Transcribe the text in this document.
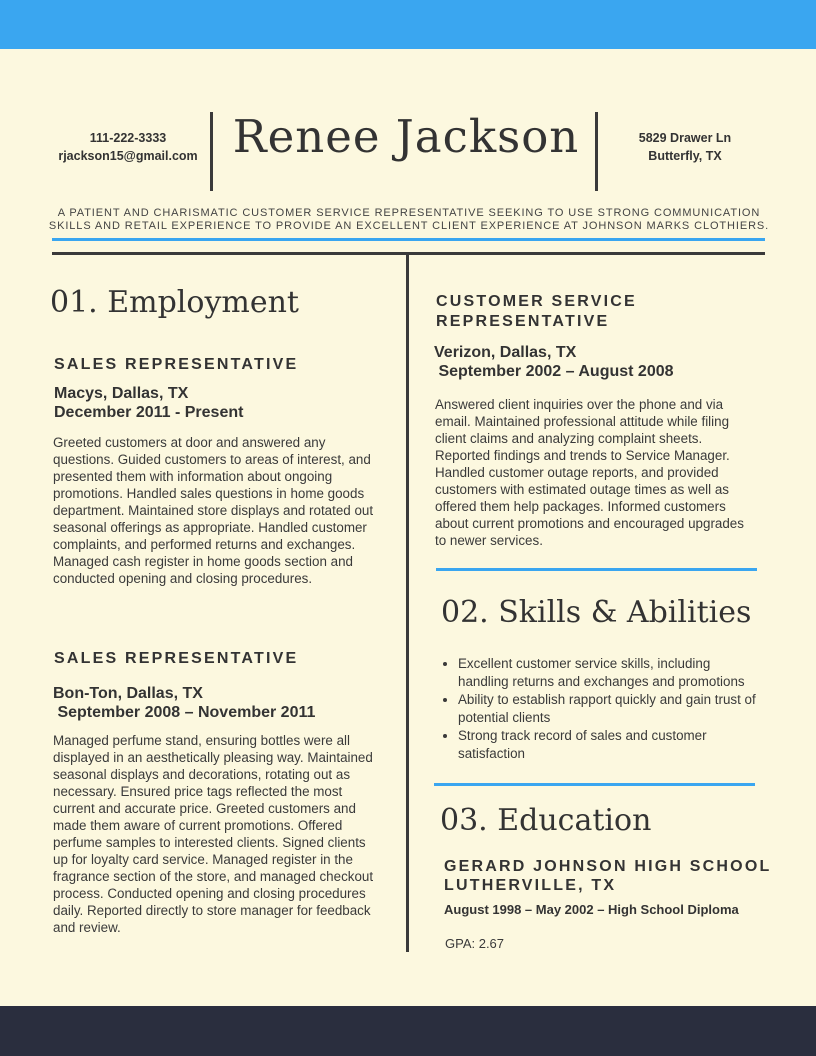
111-222-3333
rjackson15@gmail.com Renee Jackson	5829 Drawer Ln
Butterfly, TX
A PATIENT AND CHARISMATIC CUSTOMER SERVICE REPRESENTATIVE SEEKING TO USE STRONG COMMUNICATION SKILLS AND RETAIL EXPERIENCE TO PROVIDE AN EXCELLENT CLIENT EXPERIENCE AT JOHNSON MARKS CLOTHIERS.
01. Employment
SALES REPRESENTATIVE
Macys, Dallas, TX
December 2011 - Present
Greeted customers at door and answered any questions. Guided customers to areas of interest, and presented them with information about ongoing promotions. Handled sales questions in home goods department. Maintained store displays and rotated out seasonal offerings as appropriate. Handled customer complaints, and performed returns and exchanges. Managed cash register in home goods section and conducted opening and closing procedures.
SALES REPRESENTATIVE
Bon-Ton, Dallas, TX
September 2008 – November 2011
Managed perfume stand, ensuring bottles were all displayed in an aesthetically pleasing way. Maintained seasonal displays and decorations, rotating out as necessary. Ensured price tags reflected the most current and accurate price. Greeted customers and made them aware of current promotions. Offered perfume samples to interested clients. Signed clients up for loyalty card service. Managed register in the fragrance section of the store, and managed checkout process. Conducted opening and closing procedures daily. Reported directly to store manager for feedback and review.
CUSTOMER SERVICE REPRESENTATIVE
Verizon, Dallas, TX
September 2002 – August 2008
Answered client inquiries over the phone and via email. Maintained professional attitude while filing client claims and analyzing complaint sheets. Reported findings and trends to Service Manager. Handled customer outage reports, and provided customers with estimated outage times as well as offered them help packages. Informed customers about current promotions and encouraged upgrades to newer services.
02. Skills & Abilities
• Excellent customer service skills, including handling returns and exchanges and promotions
• Ability to establish rapport quickly and gain trust of potential clients
• Strong track record of sales and customer satisfaction
03. Education
GERARD JOHNSON HIGH SCHOOL
LUTHERVILLE, TX
August 1998 – May 2002 – High School Diploma
GPA: 2.67
